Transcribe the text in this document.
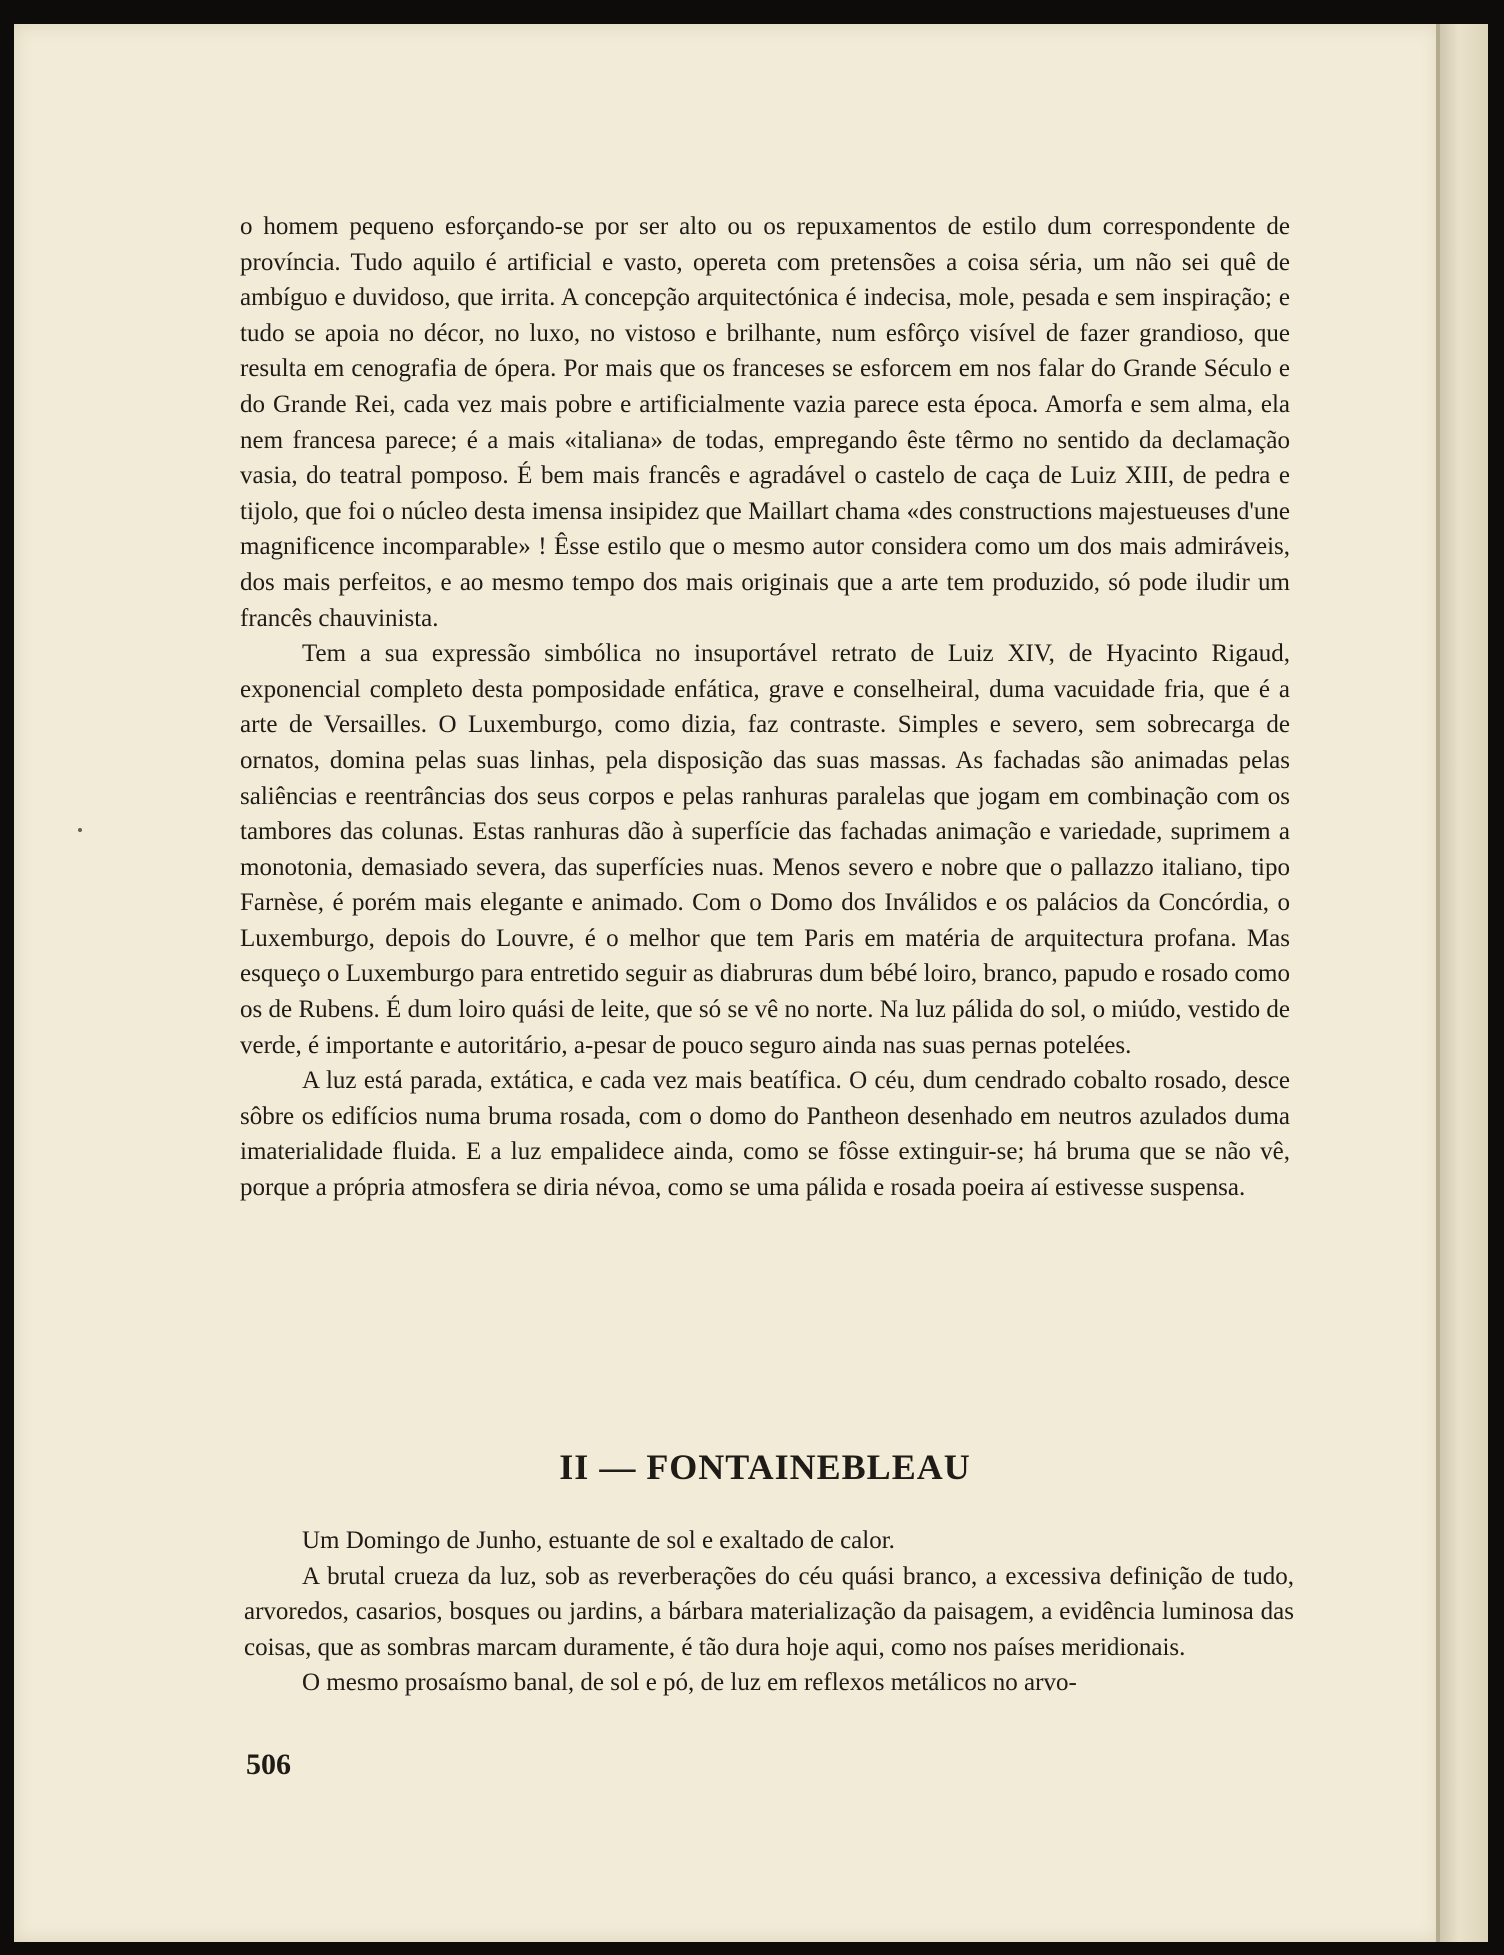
o homem pequeno esforçando-se por ser alto ou os repuxamentos de estilo dum correspondente de província. Tudo aquilo é artificial e vasto, opereta com pretensões a coisa séria, um não sei quê de ambíguo e duvidoso, que irrita. A concepção arquitectónica é indecisa, mole, pesada e sem inspiração; e tudo se apoia no décor, no luxo, no vistoso e brilhante, num esfôrço visível de fazer grandioso, que resulta em cenografia de ópera. Por mais que os franceses se esforcem em nos falar do Grande Século e do Grande Rei, cada vez mais pobre e artificialmente vazia parece esta época. Amorfa e sem alma, ela nem francesa parece; é a mais «italiana» de todas, empregando êste têrmo no sentido da declamação vasia, do teatral pomposo. É bem mais francês e agradável o castelo de caça de Luiz XIII, de pedra e tijolo, que foi o núcleo desta imensa insipidez que Maillart chama «des constructions majestueuses d'une magnificence incomparable» ! Êsse estilo que o mesmo autor considera como um dos mais admiráveis, dos mais perfeitos, e ao mesmo tempo dos mais originais que a arte tem produzido, só pode iludir um francês chauvinista.

Tem a sua expressão simbólica no insuportável retrato de Luiz XIV, de Hyacinto Rigaud, exponencial completo desta pomposidade enfática, grave e conselheiral, duma vacuidade fria, que é a arte de Versailles. O Luxemburgo, como dizia, faz contraste. Simples e severo, sem sobrecarga de ornatos, domina pelas suas linhas, pela disposição das suas massas. As fachadas são animadas pelas saliências e reentrâncias dos seus corpos e pelas ranhuras paralelas que jogam em combinação com os tambores das colunas. Estas ranhuras dão à superfície das fachadas animação e variedade, suprimem a monotonia, demasiado severa, das superfícies nuas. Menos severo e nobre que o pallazzo italiano, tipo Farnèse, é porém mais elegante e animado. Com o Domo dos Inválidos e os palácios da Concórdia, o Luxemburgo, depois do Louvre, é o melhor que tem Paris em matéria de arquitectura profana. Mas esqueço o Luxemburgo para entretido seguir as diabruras dum bébé loiro, branco, papudo e rosado como os de Rubens. É dum loiro quási de leite, que só se vê no norte. Na luz pálida do sol, o miúdo, vestido de verde, é importante e autoritário, a-pesar de pouco seguro ainda nas suas pernas potelées.

A luz está parada, extática, e cada vez mais beatífica. O céu, dum cendrado cobalto rosado, desce sôbre os edifícios numa bruma rosada, com o domo do Pantheon desenhado em neutros azulados duma imaterialidade fluida. E a luz empalidece ainda, como se fôsse extinguir-se; há bruma que se não vê, porque a própria atmosfera se diria névoa, como se uma pálida e rosada poeira aí estivesse suspensa.

II — FONTAINEBLEAU

Um Domingo de Junho, estuante de sol e exaltado de calor.

A brutal crueza da luz, sob as reverberações do céu quási branco, a excessiva definição de tudo, arvoredos, casarios, bosques ou jardins, a bárbara materialização da paisagem, a evidência luminosa das coisas, que as sombras marcam duramente, é tão dura hoje aqui, como nos países meridionais.

O mesmo prosaísmo banal, de sol e pó, de luz em reflexos metálicos no arvo-

506
